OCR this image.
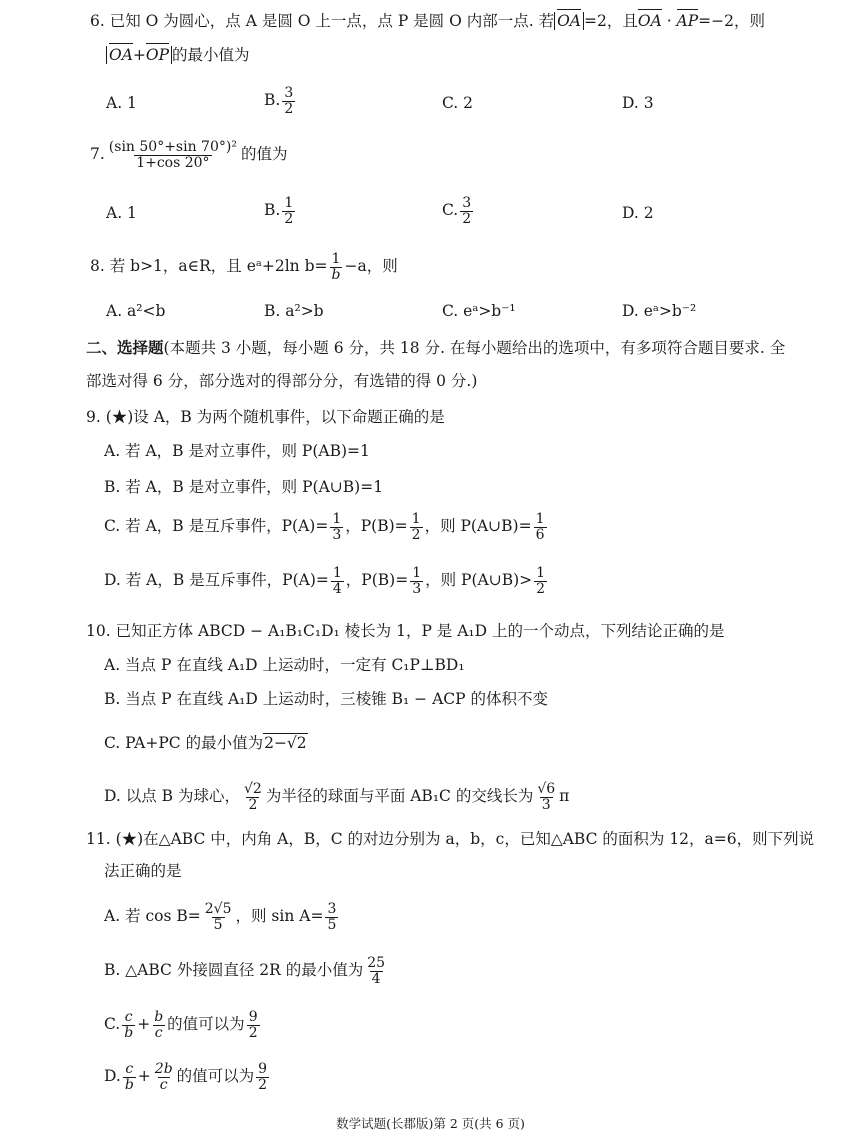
6. 已知 O 为圆心，点 A 是圆 O 上一点，点 P 是圆 O 内部一点. 若 OA =2，且OA · AP=−2，则
OA+OP 的最小值为
A. 1	B. $\frac{3}{2}$	C. 2	D. 3
7. $\frac{\text{(sin 50°+sin 70°)²}}{1+\cos 20^\circ}$ 的值为
A. 1	B. $\frac{1}{2}$	C. $\frac{3}{2}$	D. 2
8. 若 b>1，a∈R，且 eᵃ+2ln $b= \frac{1}{b} -a$，则
A. a²<b	B. a²>b	C. eᵃ>b⁻¹	D. eᵃ>b⁻²
二、选择题(本题共 3 小题，每小题 6 分，共 18 分. 在每小题给出的选项中，有多项符合题目要求. 全
部选对得 6 分，部分选对的得部分分，有选错的得 0 分.)
9. (★)设 A，B 为两个随机事件，以下命题正确的是
A. 若 A，B 是对立事件，则 P(AB)=1
B. 若 A，B 是对立事件，则 P(A∪B)=1
C. 若 A，B 是互斥事件，$P(A)= \frac{1}{3}$ ，$P(B)= \frac{1}{2}$ ，则 P(A∪B)= $\frac{1}{6}$
D. 若 A，B 是互斥事件，$P(A)= \frac{1}{4}$ ，$P(B)= \frac{1}{3}$ ，则 P(A∪B)> $\frac{1}{2}$
10. 已知正方体 ABCD − A₁B₁C₁D₁ 棱长为 1，P 是 A₁D 上的一个动点，下列结论正确的是
A. 当点 P 在直线 A₁D 上运动时，一定有 C₁P⊥BD₁
B. 当点 P 在直线 A₁D 上运动时，三棱锥 B₁ − ACP 的体积不变
C. PA+PC 的最小值为2−√2
D. 以点 B 为球心， $\frac{√2}{2}$ 为半径的球面与平面 AB₁C 的交线长为 $\frac{√6}{3}$ π
11. (★)在△ABC 中，内角 A，B，C 的对边分别为 a，b，c，已知△ABC 的面积为 12，a=6，则下列说
法正确的是
A. 若 $\cos B= \frac{2√5}{5}$ ，则 $\sin A= \frac{3}{5}$
B. △ABC 外接圆直径 2R 的最小值为 $\frac{25}{4}$
C. $\frac{c}{b} + \frac{b}{c}$ 的值可以为 $\frac{9}{2}$
D. $\frac{c}{b} + \frac{2b}{c}$ 的值可以为 $\frac{9}{2}$
数学试题(长郡版)第 2 页(共 6 页)
